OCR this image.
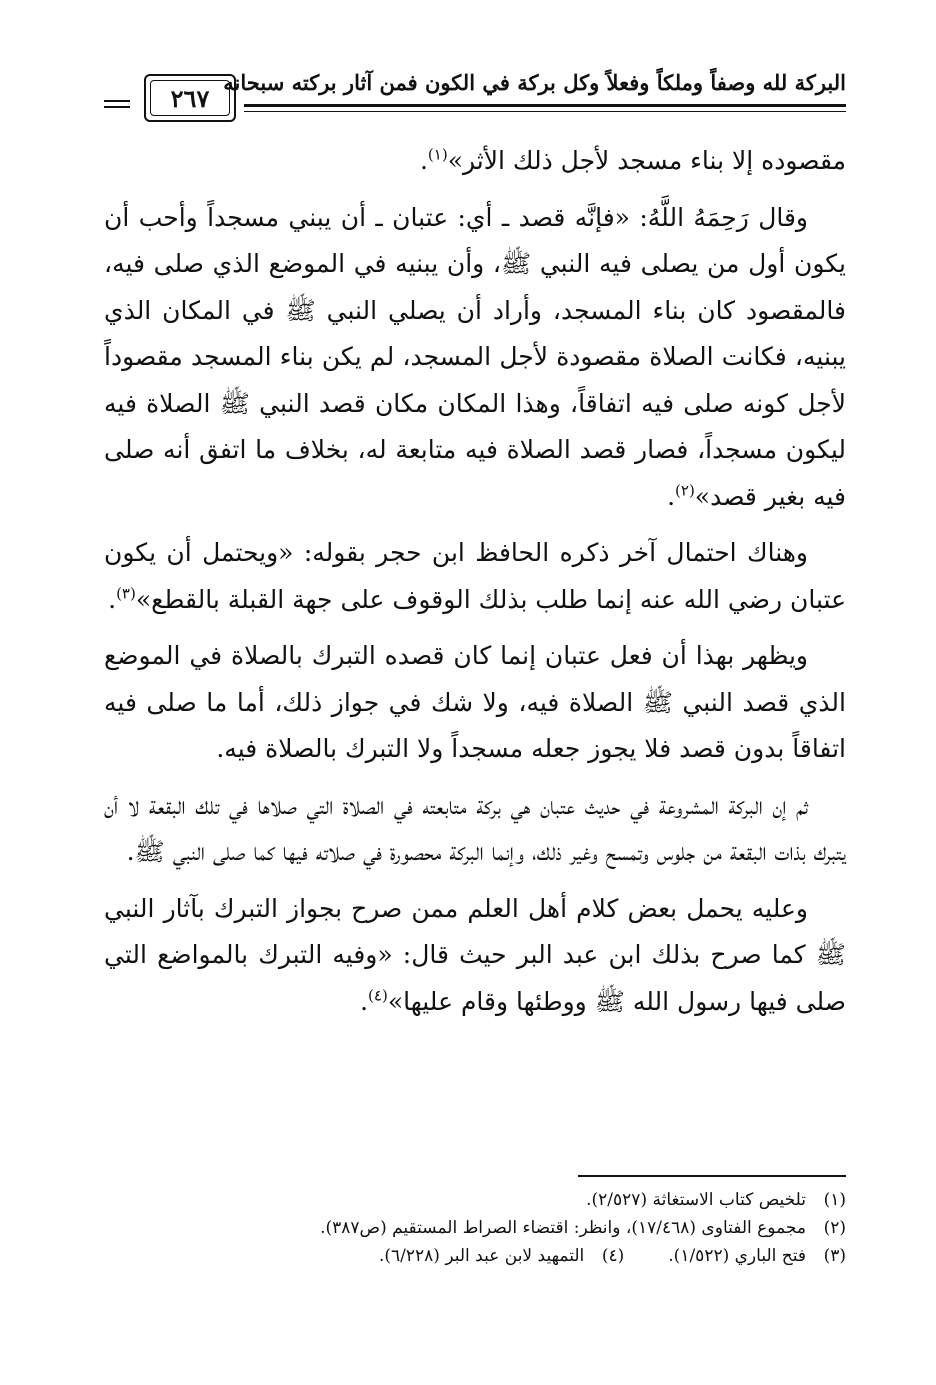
البركة لله وصفاً وملكاً وفعلاً وكل بركة في الكون فمن آثار بركته سبحانه
٢٦٧

مقصوده إلا بناء مسجد لأجل ذلك الأثر»$^{(١)}$.

وقال رَحِمَهُ اللَّهُ: «فإنَّه قصد ـ أي: عتبان ـ أن يبني مسجداً وأحب أن يكون أول من يصلى فيه النبي ﷺ، وأن يبنيه في الموضع الذي صلى فيه، فالمقصود كان بناء المسجد، وأراد أن يصلي النبي ﷺ في المكان الذي يبنيه، فكانت الصلاة مقصودة لأجل المسجد، لم يكن بناء المسجد مقصوداً لأجل كونه صلى فيه اتفاقاً، وهذا المكان مكان قصد النبي ﷺ الصلاة فيه ليكون مسجداً، فصار قصد الصلاة فيه متابعة له، بخلاف ما اتفق أنه صلى فيه بغير قصد»$^{(٢)}$.

وهناك احتمال آخر ذكره الحافظ ابن حجر بقوله: «ويحتمل أن يكون عتبان رضي الله عنه إنما طلب بذلك الوقوف على جهة القبلة بالقطع»$^{(٣)}$.

ويظهر بهذا أن فعل عتبان إنما كان قصده التبرك بالصلاة في الموضع الذي قصد النبي ﷺ الصلاة فيه، ولا شك في جواز ذلك، أما ما صلى فيه اتفاقاً بدون قصد فلا يجوز جعله مسجداً ولا التبرك بالصلاة فيه.

ثم إن البركة المشروعة في حديث عتبان هي بركة متابعته في الصلاة التي صلاها في تلك البقعة لا أن يتبرك بذات البقعة من جلوس وتمسح وغير ذلك، وإنما البركة محصورة في صلاته فيها كما صلى النبي ﷺ.

وعليه يحمل بعض كلام أهل العلم ممن صرح بجواز التبرك بآثار النبي ﷺ كما صرح بذلك ابن عبد البر حيث قال: «وفيه التبرك بالمواضع التي صلى فيها رسول الله ﷺ ووطئها وقام عليها»$^{(٤)}$.

(١)
تلخيص كتاب الاستغاثة (٢/٥٢٧).
(٢)
مجموع الفتاوى (١٧/٤٦٨)، وانظر: اقتضاء الصراط المستقيم (ص٣٨٧).
(٣)
فتح الباري (١/٥٢٢).
(٤)
التمهيد لابن عبد البر (٦/٢٢٨).
